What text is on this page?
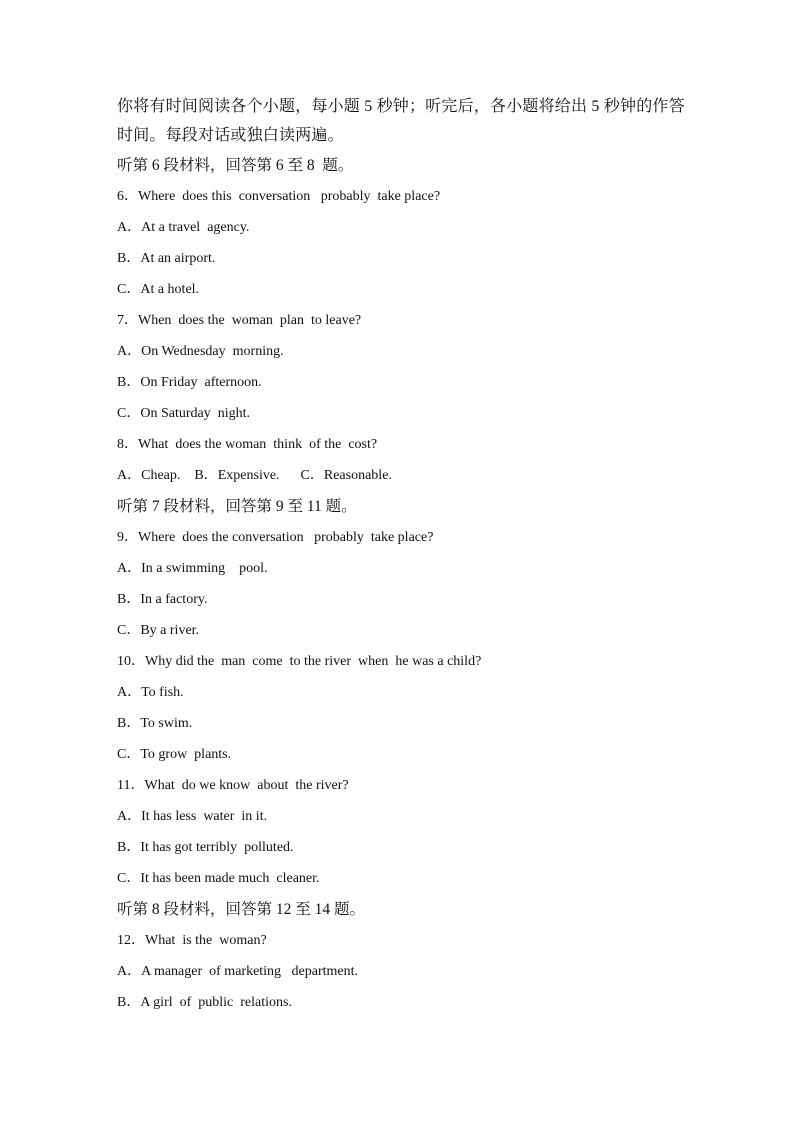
你将有时间阅读各个小题，每小题 5 秒钟；听完后，各小题将给出 5 秒钟的作答
时间。每段对话或独白读两遍。

听第 6 段材料，回答第 6 至 8  题。
6．Where  does this  conversation   probably  take place?
A．At a travel  agency.
B．At an airport.
C．At a hotel.
7．When  does the  woman  plan  to leave?
A．On Wednesday  morning.
B．On Friday  afternoon.
C．On Saturday  night.
8．What  does the woman  think  of the  cost?
A．Cheap. B．Expensive. C．Reasonable.
听第 7 段材料，回答第 9 至 11 题。
9．Where  does the conversation   probably  take place?
A．In a swimming    pool.
B．In a factory.
C．By a river.
10．Why did the  man  come  to the river  when  he was a child?
A．To fish.
B．To swim.
C．To grow  plants.
11．What  do we know  about  the river?
A．It has less  water  in it.
B．It has got terribly  polluted.
C．It has been made much  cleaner.
听第 8 段材料，回答第 12 至 14 题。
12．What  is the  woman?
A．A manager  of marketing   department.
B．A girl  of  public  relations.
